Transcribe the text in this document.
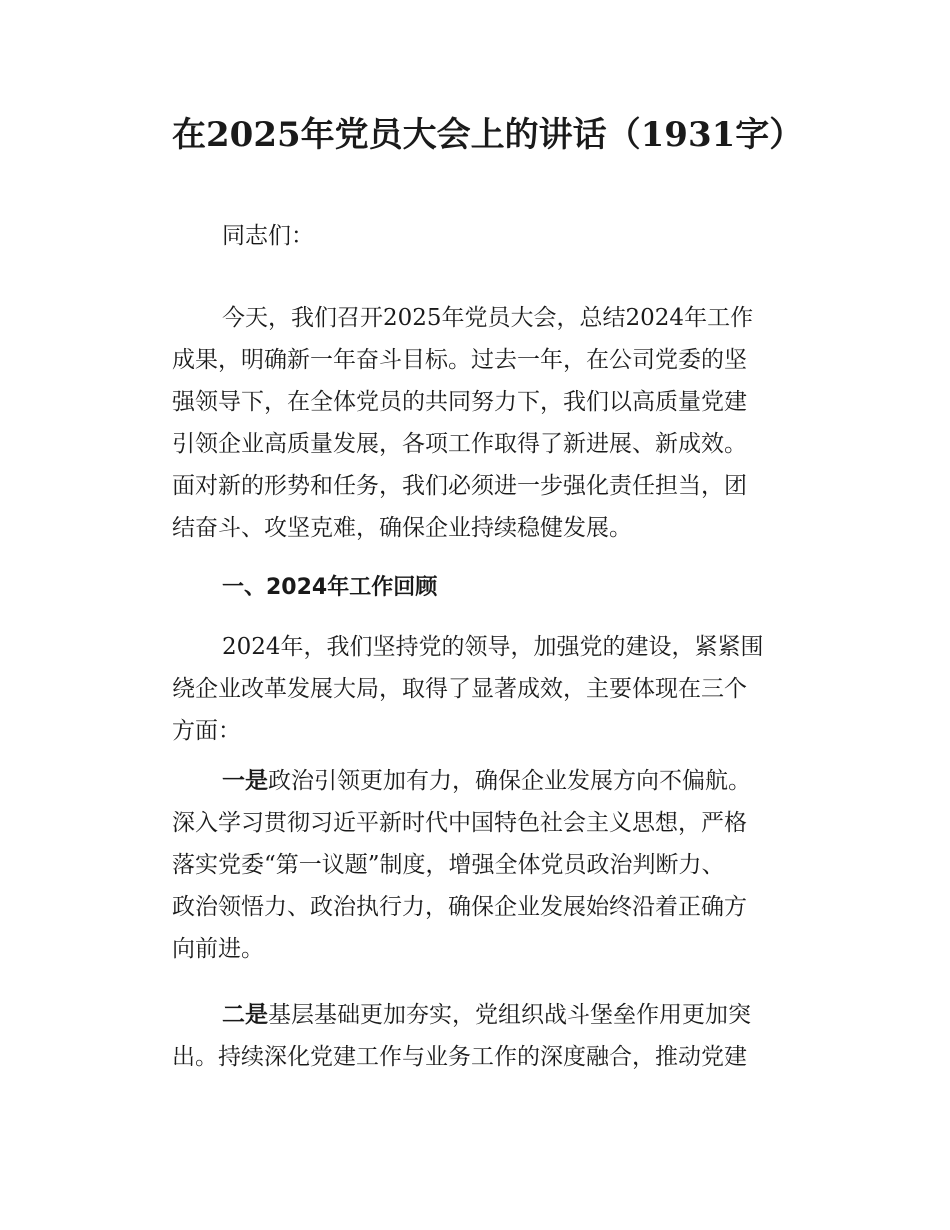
在2025年党员大会上的讲话（1931字）

同志们：

今天，我们召开2025年党员大会，总结2024年工作
成果，明确新一年奋斗目标。过去一年，在公司党委的坚
强领导下，在全体党员的共同努力下，我们以高质量党建
引领企业高质量发展，各项工作取得了新进展、新成效。
面对新的形势和任务，我们必须进一步强化责任担当，团
结奋斗、攻坚克难，确保企业持续稳健发展。

一、2024年工作回顾

2024年，我们坚持党的领导，加强党的建设，紧紧围
绕企业改革发展大局，取得了显著成效，主要体现在三个
方面：

一是政治引领更加有力，确保企业发展方向不偏航。
深入学习贯彻习近平新时代中国特色社会主义思想，严格
落实党委“第一议题”制度，增强全体党员政治判断力、
政治领悟力、政治执行力，确保企业发展始终沿着正确方
向前进。

二是基层基础更加夯实，党组织战斗堡垒作用更加突
出。持续深化党建工作与业务工作的深度融合，推动党建
